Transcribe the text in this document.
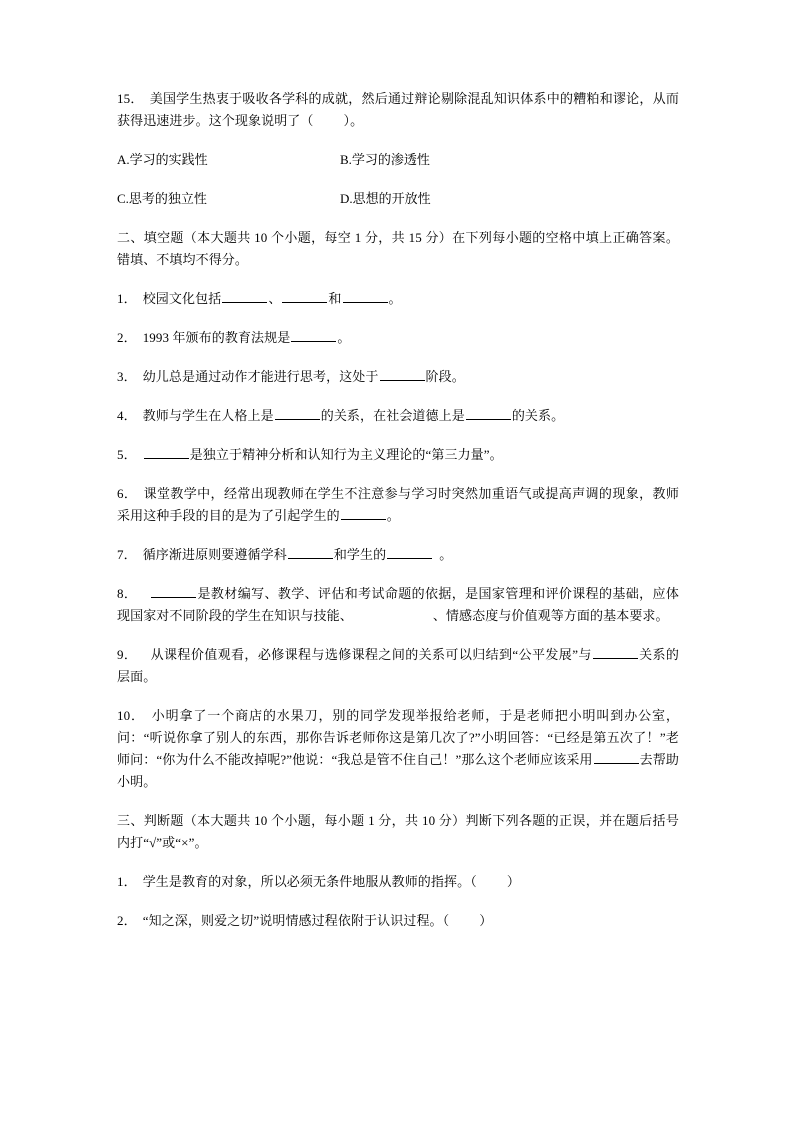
15． 美国学生热衷于吸收各学科的成就，然后通过辩论剔除混乱知识体系中的糟粕和谬论，从而获得迅速进步。这个现象说明了（ ）。

A.学习的实践性	B.学习的渗透性
C.思考的独立性	D.思想的开放性

二、填空题（本大题共 10 个小题，每空 1 分，共 15 分）在下列每小题的空格中填上正确答案。错填、不填均不得分。

1． 校园文化包括	、	和	。

2． 1993 年颁布的教育法规是	。

3． 幼儿总是通过动作才能进行思考，这处于	阶段。

4． 教师与学生在人格上是	的关系，在社会道德上是	的关系。

5．	是独立于精神分析和认知行为主义理论的“第三力量”。

6． 课堂教学中，经常出现教师在学生不注意参与学习时突然加重语气或提高声调的现象，教师采用这种手段的目的是为了引起学生的	。

7． 循序渐进原则要遵循学科	和学生的	。

8．	是教材编写、教学、评估和考试命题的依据，是国家管理和评价课程的基础，应体现国家对不同阶段的学生在知识与技能、	、情感态度与价值观等方面的基本要求。

9． 从课程价值观看，必修课程与选修课程之间的关系可以归结到“公平发展”与	关系的层面。

10． 小明拿了一个商店的水果刀，别的同学发现举报给老师，于是老师把小明叫到办公室，问：“听说你拿了别人的东西，那你告诉老师你这是第几次了?”小明回答：“已经是第五次了！”老师问：“你为什么不能改掉呢?”他说：“我总是管不住自己！”那么这个老师应该采用	去帮助小明。

三、判断题（本大题共 10 个小题，每小题 1 分，共 10 分）判断下列各题的正误，并在题后括号内打“√”或“×”。

1． 学生是教育的对象，所以必须无条件地服从教师的指挥。（ ）

2． “知之深，则爱之切”说明情感过程依附于认识过程。（ ）
